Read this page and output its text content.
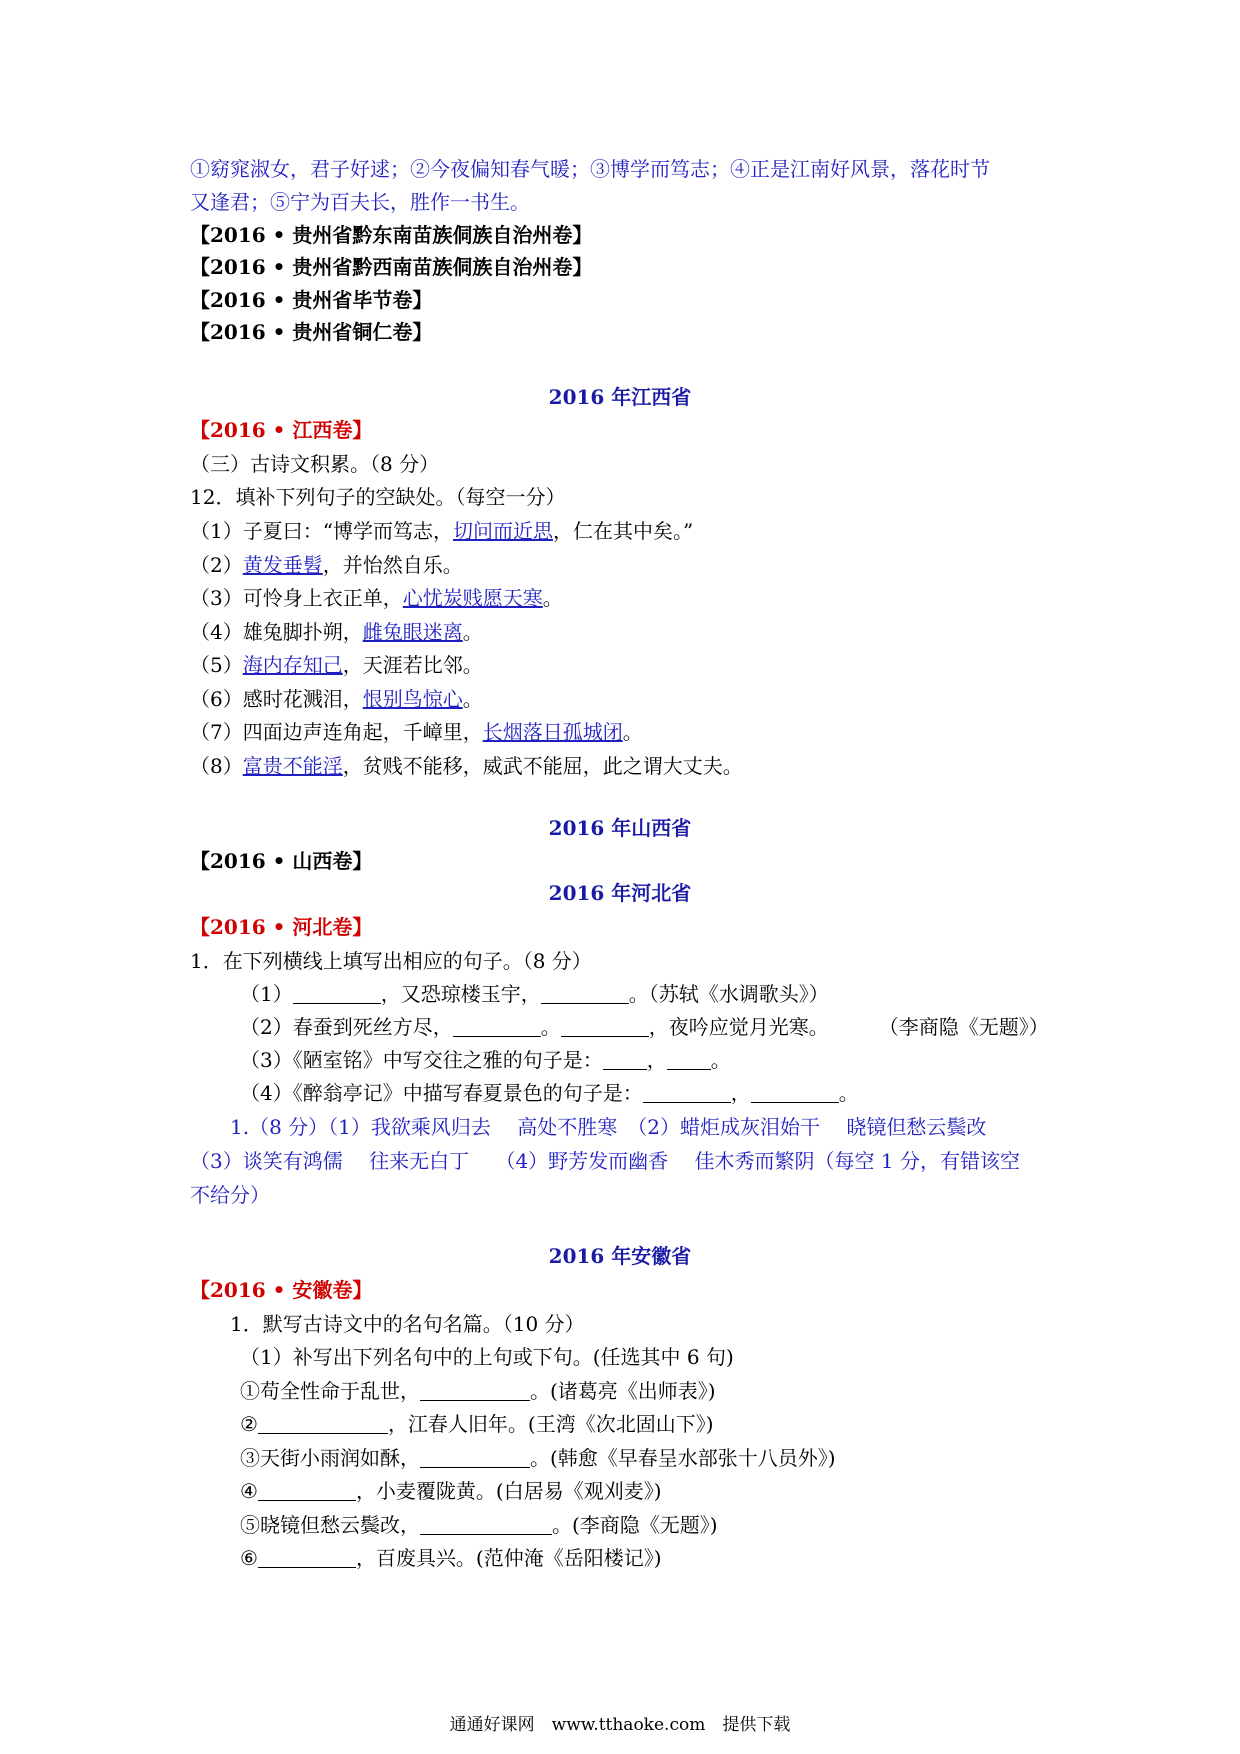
①窈窕淑女，君子好逑；②今夜偏知春气暖；③博学而笃志；④正是江南好风景，落花时节
又逢君；⑤宁为百夫长，胜作一书生。
【2016 • 贵州省黔东南苗族侗族自治州卷】
【2016 • 贵州省黔西南苗族侗族自治州卷】
【2016 • 贵州省毕节卷】
【2016 • 贵州省铜仁卷】
2016 年江西省
【2016 • 江西卷】
（三）古诗文积累。（8 分）
12．填补下列句子的空缺处。（每空一分）
（1）子夏曰：“博学而笃志，切问而近思，仁在其中矣。”
（2）黄发垂髫，并怡然自乐。
（3）可怜身上衣正单，心忧炭贱愿天寒。
（4）雄兔脚扑朔，雌兔眼迷离。
（5）海内存知己，天涯若比邻。
（6）感时花溅泪，恨别鸟惊心。
（7）四面边声连角起，千嶂里，长烟落日孤城闭。
（8）富贵不能淫，贫贱不能移，威武不能屈，此之谓大丈夫。
2016 年山西省
【2016 • 山西卷】
2016 年河北省
【2016 • 河北卷】
1．在下列横线上填写出相应的句子。（8 分）
（1）	，又恐琼楼玉宇，	。（苏轼《水调歌头》）
（2）春蚕到死丝方尽，	。	，夜吟应觉月光寒。	（李商隐《无题》）
（3）《陋室铭》中写交往之雅的句子是： ， 。
（4）《醉翁亭记》中描写春夏景色的句子是：	，	。
1.（8 分）（1）我欲乘风归去　 高处不胜寒　（2）蜡炬成灰泪始干　 晓镜但愁云鬓改
（3）谈笑有鸿儒　 往来无白丁　 （4）野芳发而幽香　 佳木秀而繁阴（每空 1 分，有错该空
不给分）
2016 年安徽省
【2016 • 安徽卷】
1．默写古诗文中的名句名篇。（10 分）
（1）补写出下列名句中的上句或下句。(任选其中 6 句)
①苟全性命于乱世，	。(诸葛亮《出师表》)
②	，江春人旧年。(王湾《次北固山下》)
③天街小雨润如酥，	。(韩愈《早春呈水部张十八员外》)
④	，小麦覆陇黄。(白居易《观刈麦》)
⑤晓镜但愁云鬓改，	。(李商隐《无题》)
⑥	，百废具兴。(范仲淹《岳阳楼记》)
通通好课网　www.tthaoke.com　提供下载
